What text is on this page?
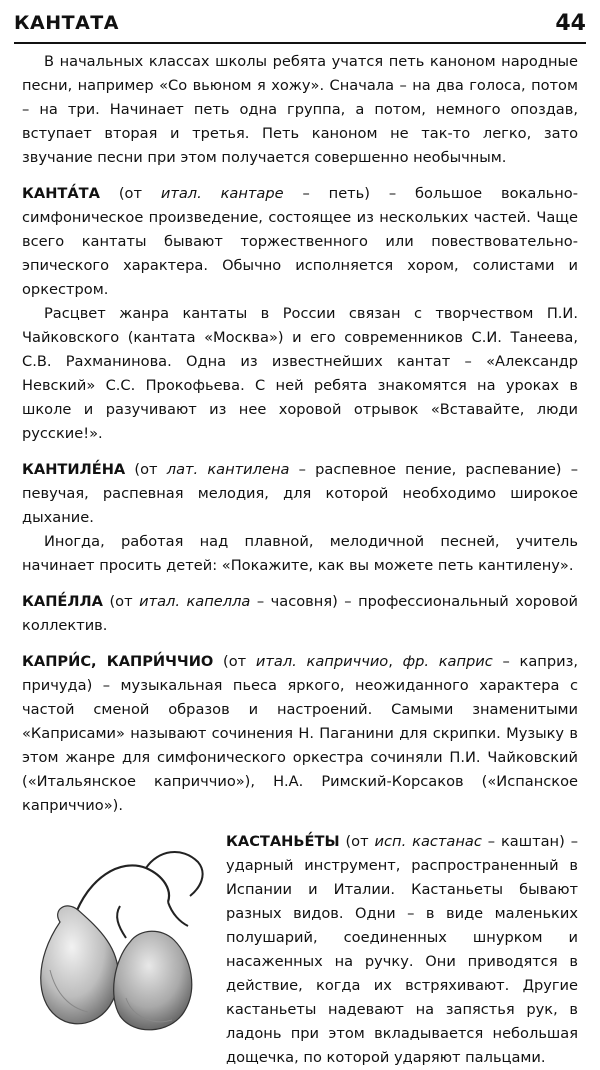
КАНТАТА	44

В начальных классах школы ребята учатся петь каноном народные песни, например «Со вьюном я хожу». Сначала – на два голоса, потом – на три. Начинает петь одна группа, а потом, немного опоздав, вступает вторая и третья. Петь каноном не так-то легко, зато звучание песни при этом получается совершенно необычным.

КАНТА́ТА (от итал. кантаре – петь) – большое вокально-симфоническое произведение, состоящее из нескольких частей. Чаще всего кантаты бывают торжественного или повествовательно-эпического характера. Обычно исполняется хором, солистами и оркестром.

Расцвет жанра кантаты в России связан с творчеством П.И. Чайковского (кантата «Москва») и его современников С.И. Танеева, С.В. Рахманинова. Одна из известнейших кантат – «Александр Невский» С.С. Прокофьева. С ней ребята знакомятся на уроках в школе и разучивают из нее хоровой отрывок «Вставайте, люди русские!».

КАНТИЛЕ́НА (от лат. кантилена – распевное пение, распевание) – певучая, распевная мелодия, для которой необходимо широкое дыхание.

Иногда, работая над плавной, мелодичной песней, учитель начинает просить детей: «Покажите, как вы можете петь кантилену».

КАПЕ́ЛЛА (от итал. капелла – часовня) – профессиональный хоровой коллектив.

КАПРИ́С, КАПРИ́ЧЧИО (от итал. каприччио, фр. каприс – каприз, причуда) – музыкальная пьеса яркого, неожиданного характера с частой сменой образов и настроений. Самыми знаменитыми «Каприсами» называют сочинения Н. Паганини для скрипки. Музыку в этом жанре для симфонического оркестра сочиняли П.И. Чайковский («Итальянское каприччио»), Н.А. Римский-Корсаков («Испанское каприччио»).

КАСТАНЬЕ́ТЫ (от исп. кастанас – каштан) – ударный инструмент, распространенный в Испании и Италии. Кастаньеты бывают разных видов. Одни – в виде маленьких полушарий, соединенных шнурком и насаженных на ручку. Они приводятся в действие, когда их встряхивают. Другие кастаньеты надевают на запястья рук, в ладонь при этом вкладывается небольшая дощечка, по которой ударяют пальцами.
